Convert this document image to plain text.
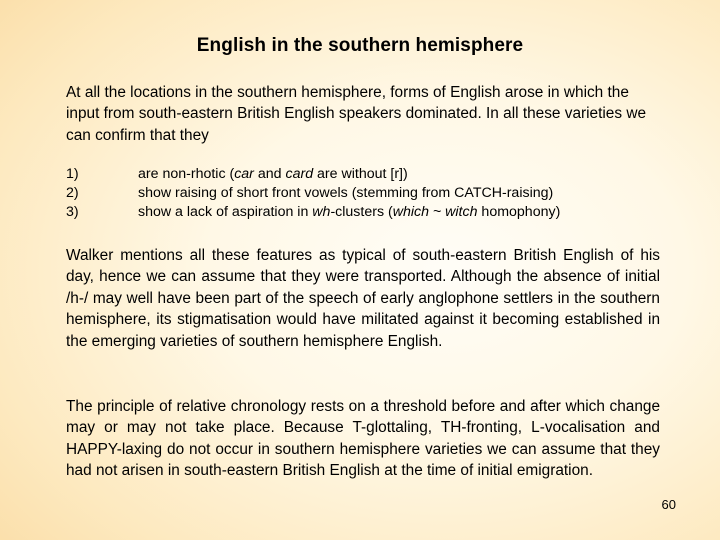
English in the southern hemisphere

At all the locations in the southern hemisphere, forms of English arose in which the input from south-eastern British English speakers dominated. In all these varieties we can confirm that they

1)	are non-rhotic (car and card are without [r])
2)	show raising of short front vowels (stemming from CATCH-raising)
3)	show a lack of aspiration in wh-clusters (which ~ witch homophony)

Walker mentions all these features as typical of south-eastern British English of his day, hence we can assume that they were transported. Although the absence of initial /h-/ may well have been part of the speech of early anglophone settlers in the southern hemisphere, its stigmatisation would have militated against it becoming established in the emerging varieties of southern hemisphere English.

The principle of relative chronology rests on a threshold before and after which change may or may not take place. Because T-glottaling, TH-fronting, L-vocalisation and HAPPY-laxing do not occur in southern hemisphere varieties we can assume that they had not arisen in south-eastern British English at the time of initial emigration.

60
